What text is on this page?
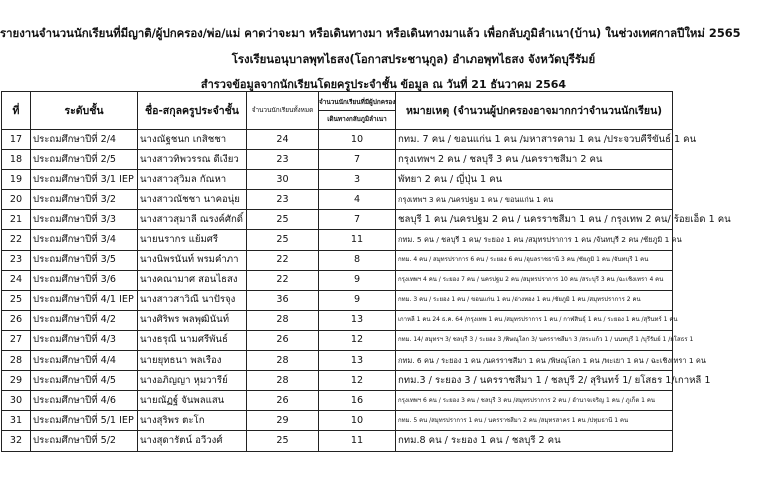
รายงานจำนวนนักเรียนที่มีญาติ/ผู้ปกครอง/พ่อ/แม่ คาดว่าจะมา หรือเดินทางมา หรือเดินทางมาแล้ว เพื่อกลับภูมิลำเนา(บ้าน) ในช่วงเทศกาลปีใหม่ 2565
โรงเรียนอนุบาลพุทไธสง(โอกาสประชานุกูล) อำเภอพุทไธสง จังหวัดบุรีรัมย์
สำรวจข้อมูลจากนักเรียนโดยครูประจำชั้น ข้อมูล ณ วันที่ 21 ธันวาคม 2564
ที่	ระดับชั้น	ชื่อ-สกุลครูประจำชั้น	จำนวนนักเรียนทั้งหมด	จำนวนนักเรียนที่มีผู้ปกครอง
เดินทางกลับภูมิลำเนา	หมายเหตุ (จำนวนผู้ปกครองอาจมากกว่าจำนวนนักเรียน)
17	ประถมศึกษาปีที่ 2/4	นางณัฐชนก เกสิชชา	24	10	กทม. 7 คน / ขอนแก่น 1 คน /มหาสารคาม 1 คน /ประจวบคีรีขันธ์ 1 คน
18	ประถมศึกษาปีที่ 2/5	นางสาวทิพวรรณ ดีเงียว	23	7	กรุงเทพฯ 2 คน / ชลบุรี 3 คน /นครราชสีมา 2 คน
19	ประถมศึกษาปีที่ 3/1 IEP	นางสาวสุวิมล กัณหา	30	3	พัทยา 2 คน / ญี่ปุ่น 1 คน
20	ประถมศึกษาปีที่ 3/2	นางสาวณัชชา นาคอนุ่ย	23	4	กรุงเทพฯ 3 คน /นครปฐม 1 คน / ขอนแก่น 1 คน
21	ประถมศึกษาปีที่ 3/3	นางสาวสุมาลี ณรงค์ศักดิ์	25	7	ชลบุรี 1 คน /นครปฐม 2 คน / นครราชสีมา 1 คน / กรุงเทพ 2 คน/ ร้อยเอ็ด 1 คน
22	ประถมศึกษาปีที่ 3/4	นายนรากร แย้มศรี	25	11	กทม. 5 คน / ชลบุรี 1 คน/ ระยอง 1 คน /สมุทรปราการ 1 คน /จันทบุรี 2 คน /ชัยภูมิ 1 คน
23	ประถมศึกษาปีที่ 3/5	นางนิพรนันท์ พรมคำภา	22	8	กทม. 4 คน / สมุทรปราการ 6 คน / ระยอง 6 คน /อุบลราชธานี 3 คน /ชัยภูมิ 1 คน /จันทบุรี 1 คน
24	ประถมศึกษาปีที่ 3/6	นางคณามาศ สอนไธสง	22	9	กรุงเทพฯ 4 คน / ระยอง 7 คน / นครปฐม 2 คน /สมุทรปราการ 10 คน /สระบุรี 3 คน /ฉะเชิงเทรา 4 คน
25	ประถมศึกษาปีที่ 4/1 IEP	นางสาวสาวิณี นาปัรจุง	36	9	กทม. 3 คน / ระยอง 1 คน / ขอนแก่น 1 คน /อ่างทอง 1 คน /ชัยภูมิ 1 คน /สมุทรปราการ 2 คน
26	ประถมศึกษาปีที่ 4/2	นางศิริพร พลพุฒินันท์	28	13	เกาหลี 1 คน 24 ธ.ค. 64 /กรุงเทพ 1 คน /สมุทรปราการ 1 คน / กาฬสินธุ์ 1 คน / ระยอง 1 คน /สุรินทร์ 1 คน
27	ประถมศึกษาปีที่ 4/3	นางธรุณี นามศรีพันธ์	26	12	กทม. 14/ สมุทรฯ 3/ ชลบุรี 3 / ระยอง 3 /พิษณุโลก 3/ นครราชสีมา 3 /สระแก้ว 1 / นนทบุรี 1 /บุรีรัมย์ 1 /ยโสธร 1
28	ประถมศึกษาปีที่ 4/4	นายยุทธนา พลเรือง	28	13	กทม. 6 คน / ระยอง 1 คน /นครราชสีมา 1 คน /พิษณุโลก 1 คน /พะเยา 1 คน / ฉะเชิงเทรา 1 คน
29	ประถมศึกษาปีที่ 4/5	นางอภิญญา หุมวารีย์	28	12	กทม.3 / ระยอง 3 / นครราชสีมา 1 / ชลบุรี 2/ สุรินทร์ 1/ ยโสธร 1/เกาหลี 1
30	ประถมศึกษาปีที่ 4/6	นายณัฏฐ์ จันพลแสน	26	16	กรุงเทพฯ 6 คน / ระยอง 3 คน / ชลบุรี 3 คน /สมุทรปราการ 2 คน / อำนาจเจริญ 1 คน / ภูเก็ต 1 คน
31	ประถมศึกษาปีที่ 5/1 IEP	นางสุริพร ตะโก	29	10	กทม. 5 คน /สมุทรปราการ 1 คน / นครราชสีมา 2 คน /สมุทรสาคร 1 คน /ปทุมธานี 1 คน
32	ประถมศึกษาปีที่ 5/2	นางสุดารัตน์ อวีวงศ์	25	11	กทม.8 คน / ระยอง 1 คน / ชลบุรี 2 คน
